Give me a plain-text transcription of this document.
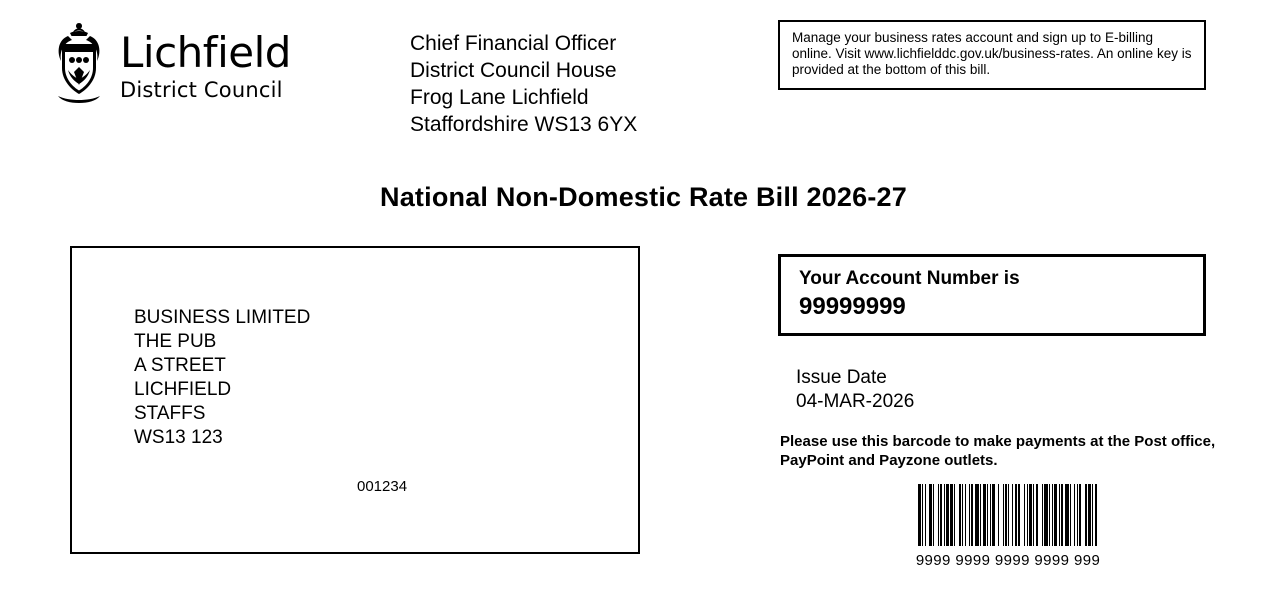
Lichfield
District Council
Chief Financial Officer
District Council House
Frog Lane Lichfield
Staffordshire WS13 6YX
Manage your business rates account and sign up to E-billing online. Visit www.lichfielddc.gov.uk/business-rates. An online key is provided at the bottom of this bill.
National Non-Domestic Rate Bill 2026-27
BUSINESS LIMITED
THE PUB
A STREET
LICHFIELD
STAFFS
WS13 123
001234
Your Account Number is
99999999
Issue Date
04-MAR-2026
Please use this barcode to make payments at the Post office, PayPoint and Payzone outlets.
9999 9999 9999 9999 999
